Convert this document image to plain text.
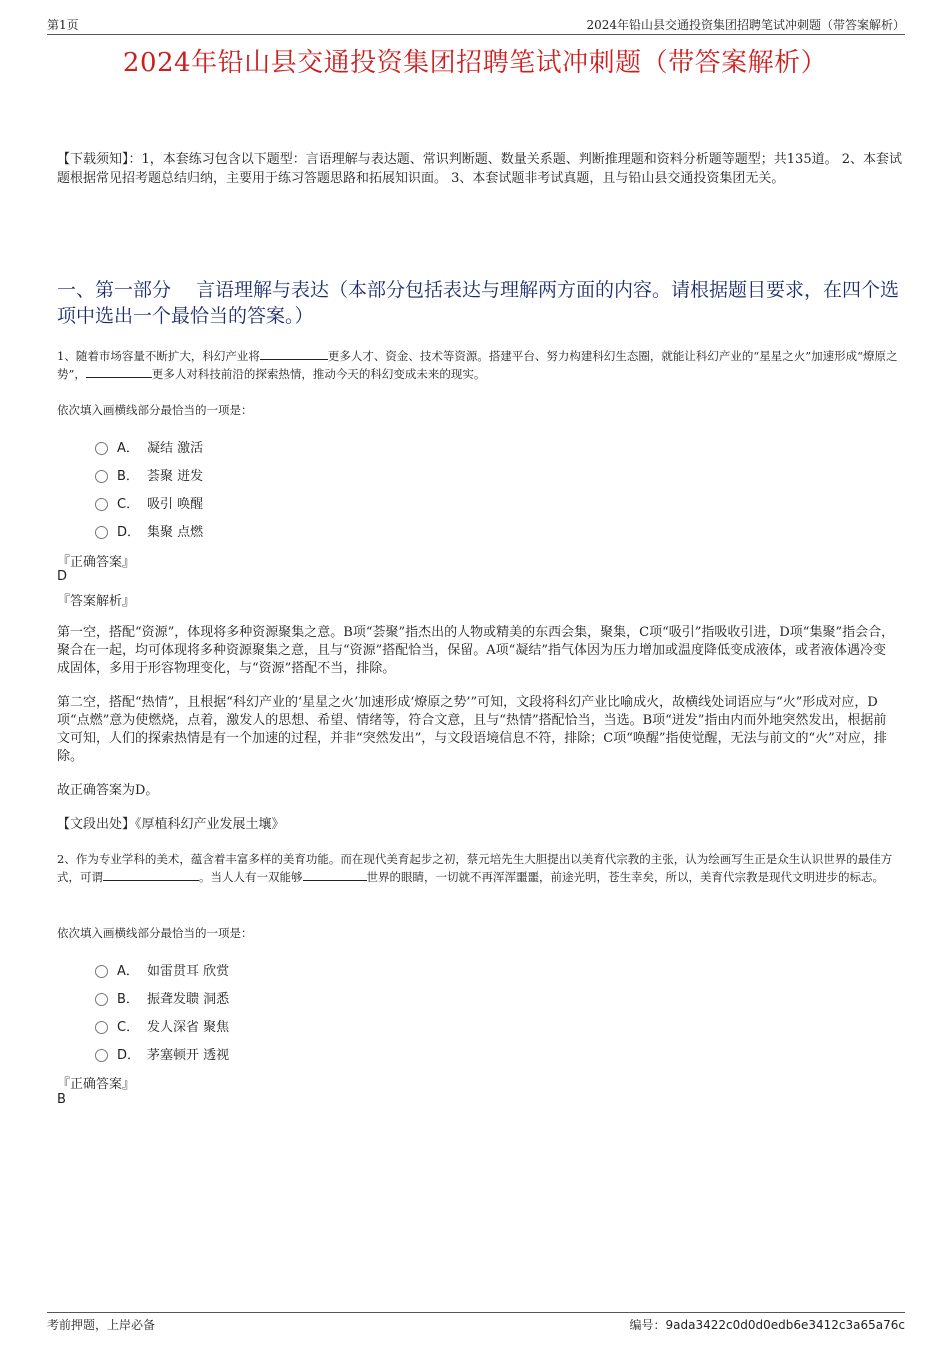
第1页	2024年铅山县交通投资集团招聘笔试冲刺题（带答案解析）
2024年铅山县交通投资集团招聘笔试冲刺题（带答案解析）

【下载须知】：1，本套练习包含以下题型：言语理解与表达题、常识判断题、数量关系题、判断推理题和资料分析题等题型；共135道。 2、本套试题根据常见招考题总结归纳，主要用于练习答题思路和拓展知识面。 3、本套试题非考试真题，且与铅山县交通投资集团无关。

一、第一部分　 言语理解与表达（本部分包括表达与理解两方面的内容。请根据题目要求，在四个选项中选出一个最恰当的答案。）

1、随着市场容量不断扩大，科幻产业将	更多人才、资金、技术等资源。搭建平台、努力构建科幻生态圈，就能让科幻产业的“星星之火”加速形成“燎原之势”，	更多人对科技前沿的探索热情，推动今天的科幻变成未来的现实。

依次填入画横线部分最恰当的一项是：

A． 凝结 激活
B． 荟聚 迸发
C． 吸引 唤醒
D． 集聚 点燃

『正确答案』

D

『答案解析』

第一空，搭配“资源”，体现将多种资源聚集之意。B项“荟聚”指杰出的人物或精美的东西会集，聚集，C项“吸引”指吸收引进，D项“集聚”指会合，聚合在一起，均可体现将多种资源聚集之意，且与“资源”搭配恰当，保留。A项“凝结”指气体因为压力增加或温度降低变成液体，或者液体遇冷变成固体，多用于形容物理变化，与“资源”搭配不当，排除。

第二空，搭配“热情”，且根据“科幻产业的‘星星之火’加速形成‘燎原之势’”可知，文段将科幻产业比喻成火，故横线处词语应与“火”形成对应，D项“点燃”意为使燃烧，点着，激发人的思想、希望、情绪等，符合文意，且与“热情”搭配恰当，当选。B项“迸发”指由内而外地突然发出，根据前文可知，人们的探索热情是有一个加速的过程，并非“突然发出”，与文段语境信息不符，排除；C项“唤醒”指使觉醒，无法与前文的“火”对应，排除。

故正确答案为D。

【文段出处】《厚植科幻产业发展土壤》

2、作为专业学科的美术，蕴含着丰富多样的美育功能。而在现代美育起步之初，蔡元培先生大胆提出以美育代宗教的主张，认为绘画写生正是众生认识世界的最佳方式，可谓	。当人人有一双能够	世界的眼睛，一切就不再浑浑噩噩，前途光明，苍生幸矣，所以，美育代宗教是现代文明进步的标志。

依次填入画横线部分最恰当的一项是：

A． 如雷贯耳 欣赏
B． 振聋发聩 洞悉
C． 发人深省 聚焦
D． 茅塞顿开 透视

『正确答案』

B

考前押题，上岸必备	编号：9ada3422c0d0d0edb6e3412c3a65a76c
